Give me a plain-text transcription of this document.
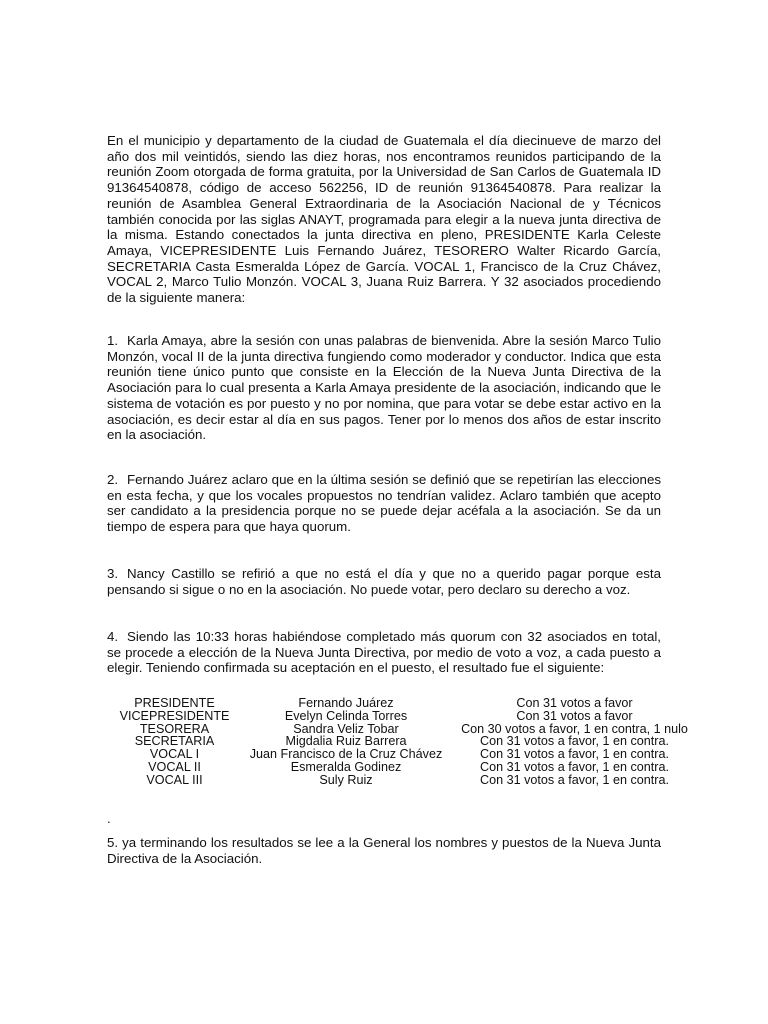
En el municipio y departamento de la ciudad de Guatemala el día diecinueve de marzo del año dos mil veintidós, siendo las diez horas, nos encontramos reunidos participando de la reunión Zoom otorgada de forma gratuita, por la Universidad de San Carlos de Guatemala ID 91364540878, código de acceso 562256, ID de reunión 91364540878. Para realizar la reunión de Asamblea General Extraordinaria de la Asociación Nacional de y Técnicos también conocida por las siglas ANAYT, programada para elegir a la nueva junta directiva de la misma. Estando conectados la junta directiva en pleno, PRESIDENTE Karla Celeste Amaya, VICEPRESIDENTE Luis Fernando Juárez, TESORERO Walter Ricardo García, SECRETARIA Casta Esmeralda López de García. VOCAL 1, Francisco de la Cruz Chávez, VOCAL 2, Marco Tulio Monzón. VOCAL 3, Juana Ruiz Barrera. Y 32 asociados procediendo de la siguiente manera:

1. Karla Amaya, abre la sesión con unas palabras de bienvenida. Abre la sesión Marco Tulio Monzón, vocal II de la junta directiva fungiendo como moderador y conductor. Indica que esta reunión tiene único punto que consiste en la Elección de la Nueva Junta Directiva de la Asociación para lo cual presenta a Karla Amaya presidente de la asociación, indicando que le sistema de votación es por puesto y no por nomina, que para votar se debe estar activo en la asociación, es decir estar al día en sus pagos. Tener por lo menos dos años de estar inscrito en la asociación.

2. Fernando Juárez aclaro que en la última sesión se definió que se repetirían las elecciones en esta fecha, y que los vocales propuestos no tendrían validez. Aclaro también que acepto ser candidato a la presidencia porque no se puede dejar acéfala a la asociación. Se da un tiempo de espera para que haya quorum.

3. Nancy Castillo se refirió a que no está el día y que no a querido pagar porque esta pensando si sigue o no en la asociación. No puede votar, pero declaro su derecho a voz.

4. Siendo las 10:33 horas habiéndose completado más quorum con 32 asociados en total, se procede a elección de la Nueva Junta Directiva, por medio de voto a voz, a cada puesto a elegir. Teniendo confirmada su aceptación en el puesto, el resultado fue el siguiente:

PRESIDENTE	Fernando Juárez	Con 31 votos a favor
VICEPRESIDENTE	Evelyn Celinda Torres	Con 31 votos a favor
TESORERA	Sandra Veliz Tobar	Con 30 votos a favor, 1 en contra, 1 nulo
SECRETARIA	Migdalia Ruiz Barrera	Con 31 votos a favor, 1 en contra.
VOCAL I	Juan Francisco de la Cruz Chávez	Con 31 votos a favor, 1 en contra.
VOCAL II	Esmeralda Godinez	Con 31 votos a favor, 1 en contra.
VOCAL III	Suly Ruiz	Con 31 votos a favor, 1 en contra.

.

5. ya terminando los resultados se lee a la General los nombres y puestos de la Nueva Junta Directiva de la Asociación.
